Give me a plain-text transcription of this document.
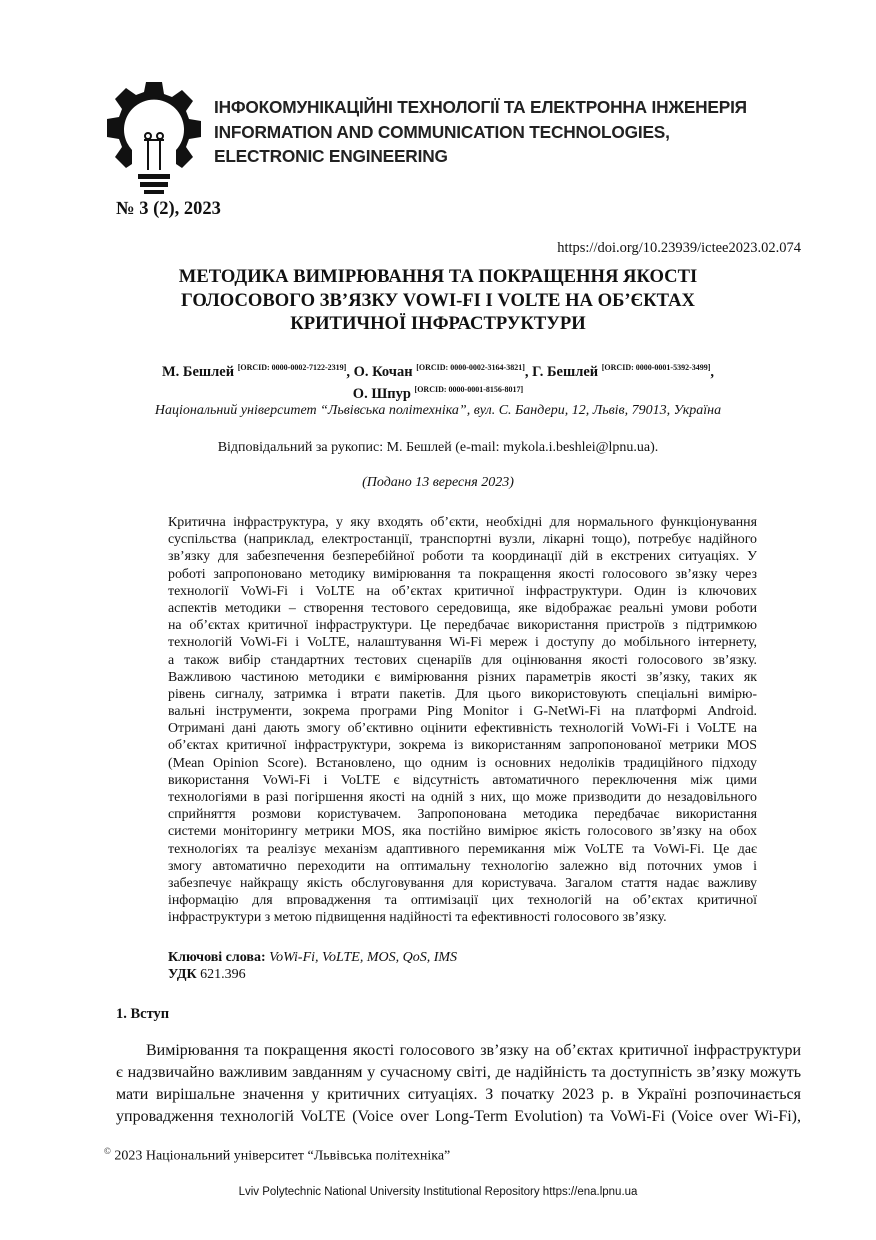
ІНФОКОМУНІКАЦІЙНІ ТЕХНОЛОГІЇ ТА ЕЛЕКТРОННА ІНЖЕНЕРІЯ
INFORMATION AND COMMUNICATION TECHNOLOGIES,
ELECTRONIC ENGINEERING
№ 3 (2), 2023
https://doi.org/10.23939/ictee2023.02.074
МЕТОДИКА ВИМІРЮВАННЯ ТА ПОКРАЩЕННЯ ЯКОСТІ
ГОЛОСОВОГО ЗВ’ЯЗКУ VOWI-FI І VOLTE НА ОБ’ЄКТАХ
КРИТИЧНОЇ ІНФРАСТРУКТУРИ
М. Бешлей [ORCID: 0000-0002-7122-2319], О. Кочан [ORCID: 0000-0002-3164-3821], Г. Бешлей [ORCID: 0000-0001-5392-3499],
О. Шпур [ORCID: 0000-0001-8156-8017]
Національний університет “Львівська політехніка”, вул. С. Бандери, 12, Львів, 79013, Україна
Відповідальний за рукопис: М. Бешлей (e-mail: mykola.i.beshlei@lpnu.ua).
(Подано 13 вересня 2023)
Критична інфраструктура, у яку входять об’єкти, необхідні для нормального функціонування
суспільства (наприклад, електростанції, транспортні вузли, лікарні тощо), потребує надійного
зв’язку для забезпечення безперебійної роботи та координації дій в екстрених ситуаціях. У
роботі запропоновано методику вимірювання та покращення якості голосового зв’язку через
технології VoWi-Fi і VoLTE на об’єктах критичної інфраструктури. Один із ключових
аспектів методики – створення тестового середовища, яке відображає реальні умови роботи
на об’єктах критичної інфраструктури. Це передбачає використання пристроїв з підтримкою
технологій VoWi-Fi і VoLTE, налаштування Wi-Fi мереж і доступу до мобільного інтернету,
а також вибір стандартних тестових сценаріїв для оцінювання якості голосового зв’язку.
Важливою частиною методики є вимірювання різних параметрів якості зв’язку, таких як
рівень сигналу, затримка і втрати пакетів. Для цього використовують спеціальні вимірю-
вальні інструменти, зокрема програми Ping Monitor і G-NetWi-Fi на платформі Android.
Отримані дані дають змогу об’єктивно оцінити ефективність технологій VoWi-Fi і VoLTE на
об’єктах критичної інфраструктури, зокрема із використанням запропонованої метрики MOS
(Mean Opinion Score). Встановлено, що одним із основних недоліків традиційного підходу
використання VoWi-Fi і VoLTE є відсутність автоматичного переключення між цими
технологіями в разі погіршення якості на одній з них, що може призводити до незадовільного
сприйняття розмови користувачем. Запропонована методика передбачає використання
системи моніторингу метрики MOS, яка постійно вимірює якість голосового зв’язку на обох
технологіях та реалізує механізм адаптивного перемикання між VoLTE та VoWi-Fi. Це дає
змогу автоматично переходити на оптимальну технологію залежно від поточних умов і
забезпечує найкращу якість обслуговування для користувача. Загалом стаття надає важливу
інформацію для впровадження та оптимізації цих технологій на об’єктах критичної
інфраструктури з метою підвищення надійності та ефективності голосового зв’язку.
Ключові слова: VoWi-Fi, VoLTE, MOS, QoS, IMS
УДК 621.396
1. Вступ
Вимірювання та покращення якості голосового зв’язку на об’єктах критичної інфраструктури
є надзвичайно важливим завданням у сучасному світі, де надійність та доступність зв’язку можуть
мати вирішальне значення у критичних ситуаціях. З початку 2023 р. в Україні розпочинається
упровадження технологій VoLTE (Voice over Long-Term Evolution) та VoWi-Fi (Voice over Wi-Fi),
© 2023 Національний університет “Львівська політехніка”
Lviv Polytechnic National University Institutional Repository https://ena.lpnu.ua
